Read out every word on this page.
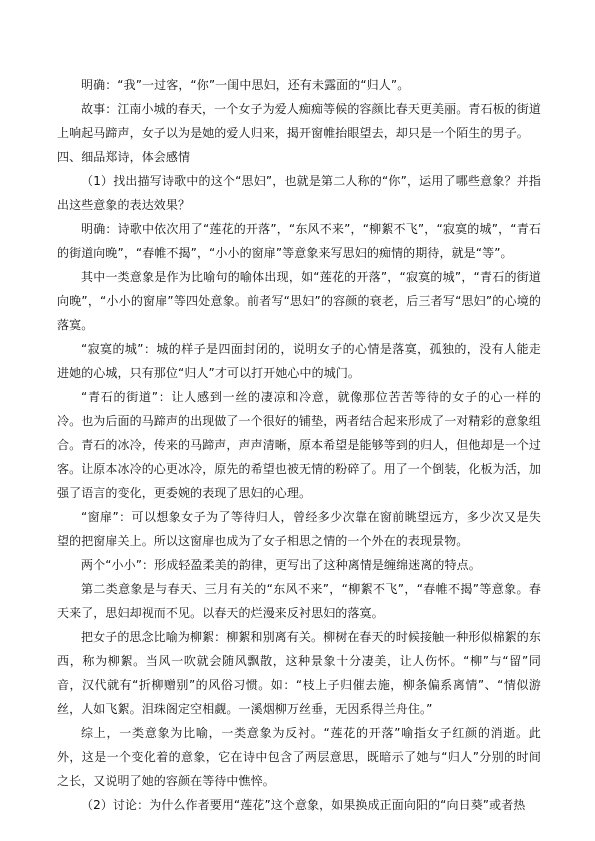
明确：“我”一过客，“你”一闺中思妇，还有未露面的“归人”。

故事：江南小城的春天，一个女子为爱人痴痴等候的容颜比春天更美丽。青石板的街道上响起马蹄声，女子以为是她的爱人归来，揭开窗帷抬眼望去，却只是一个陌生的男子。

四、细品郑诗，体会感情

（1）找出描写诗歌中的这个“思妇”，也就是第二人称的“你”，运用了哪些意象？并指出这些意象的表达效果？

明确：诗歌中依次用了“莲花的开落”，“东风不来”，“柳絮不飞”，“寂寞的城”，“青石的街道向晚”，“春帷不揭”，“小小的窗扉”等意象来写思妇的痴情的期待，就是“等”。

其中一类意象是作为比喻句的喻体出现，如“莲花的开落”，“寂寞的城”，“青石的街道向晚”，“小小的窗扉”等四处意象。前者写“思妇”的容颜的衰老，后三者写“思妇”的心境的落寞。

“寂寞的城”：城的样子是四面封闭的，说明女子的心情是落寞，孤独的，没有人能走进她的心城，只有那位“归人”才可以打开她心中的城门。

“青石的街道”：让人感到一丝的凄凉和冷意，就像那位苦苦等待的女子的心一样的冷。也为后面的马蹄声的出现做了一个很好的铺垫，两者结合起来形成了一对精彩的意象组合。青石的冰冷，传来的马蹄声，声声清晰，原本希望是能够等到的归人，但他却是一个过客。让原本冰冷的心更冰冷，原先的希望也被无情的粉碎了。用了一个倒装，化板为活，加强了语言的变化，更委婉的表现了思妇的心理。

“窗扉”：可以想象女子为了等待归人，曾经多少次靠在窗前眺望远方，多少次又是失望的把窗扉关上。所以这窗扉也成为了女子相思之情的一个外在的表现景物。

两个“小小”：形成轻盈柔美的韵律，更写出了这种离情是缠绵迷离的特点。

第二类意象是与春天、三月有关的“东风不来”，“柳絮不飞”，“春帷不揭”等意象。春天来了，思妇却视而不见。以春天的烂漫来反衬思妇的落寞。

把女子的思念比喻为柳絮：柳絮和别离有关。柳树在春天的时候接触一种形似棉絮的东西，称为柳絮。当风一吹就会随风飘散，这种景象十分凄美，让人伤怀。“柳”与“留”同音，汉代就有“折柳赠别”的风俗习惯。如：“枝上子归催去施，柳条偏系离情”、“情似游丝，人如飞絮。泪珠阁定空相觑。一溪烟柳万丝垂，无因系得兰舟住。”

综上，一类意象为比喻，一类意象为反衬。“莲花的开落”喻指女子红颜的消逝。此外，这是一个变化着的意象，它在诗中包含了两层意思，既暗示了她与“归人”分别的时间之长，又说明了她的容颜在等待中憔悴。

（2）讨论：为什么作者要用“莲花”这个意象，如果换成正面向阳的“向日葵”或者热
